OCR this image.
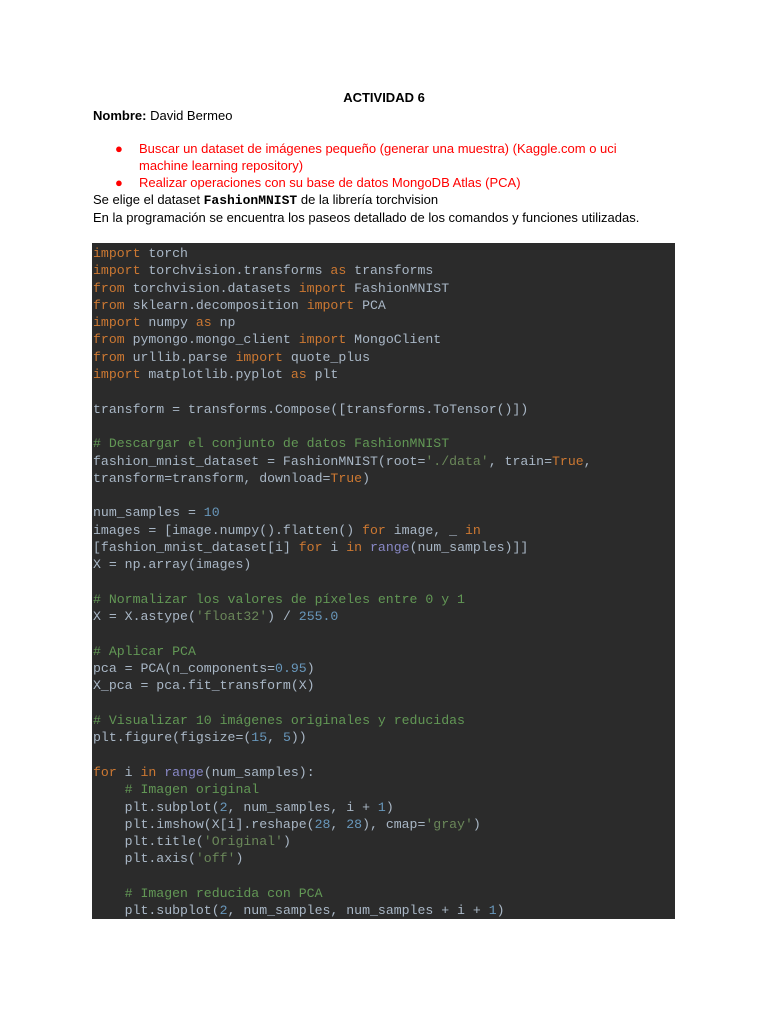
ACTIVIDAD 6
Nombre: David Bermeo
● Buscar un dataset de imágenes pequeño (generar una muestra) (Kaggle.com o uci machine learning repository)
● Realizar operaciones con su base de datos MongoDB Atlas (PCA)
Se elige el dataset FashionMNIST de la librería torchvision
En la programación se encuentra los paseos detallado de los comandos y funciones utilizadas.
import torch
import torchvision.transforms as transforms
from torchvision.datasets import FashionMNIST
from sklearn.decomposition import PCA
import numpy as np
from pymongo.mongo_client import MongoClient
from urllib.parse import quote_plus
import matplotlib.pyplot as plt

transform = transforms.Compose([transforms.ToTensor()])

# Descargar el conjunto de datos FashionMNIST
fashion_mnist_dataset = FashionMNIST(root='./data', train=True,
transform=transform, download=True)

num_samples = 10
images = [image.numpy().flatten() for image, _ in
[fashion_mnist_dataset[i] for i in range(num_samples)]]
X = np.array(images)

# Normalizar los valores de píxeles entre 0 y 1
X = X.astype('float32') / 255.0

# Aplicar PCA
pca = PCA(n_components=0.95)
X_pca = pca.fit_transform(X)

# Visualizar 10 imágenes originales y reducidas
plt.figure(figsize=(15, 5))

for i in range(num_samples):
# Imagen original
plt.subplot(2, num_samples, i + 1)
plt.imshow(X[i].reshape(28, 28), cmap='gray')
plt.title('Original')
plt.axis('off')

# Imagen reducida con PCA
plt.subplot(2, num_samples, num_samples + i + 1)
